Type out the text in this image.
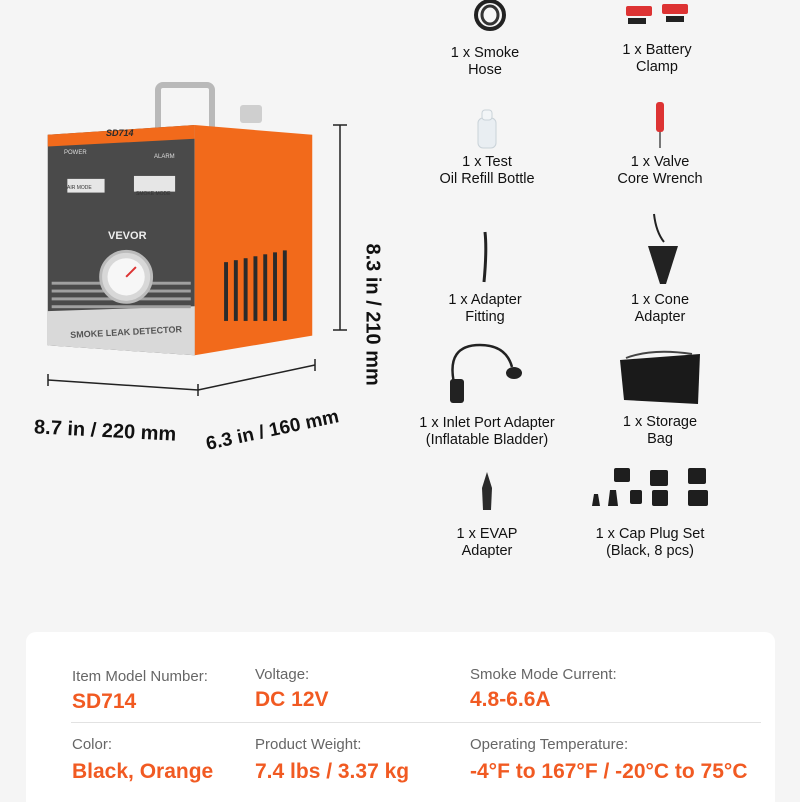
SD714
POWER
ALARM
AIR MODE
SMOKE MODE
VEVOR
SMOKE LEAK DETECTOR	8.3 in / 210 mm
8.7 in / 220 mm 6.3 in / 160 mm
1 x Smoke
Hose
1 x Battery
Clamp
1 x Test
Oil Refill Bottle
1 x Valve
Core Wrench
1 x Adapter
Fitting
1 x Cone
Adapter
1 x Inlet Port Adapter
(Inflatable Bladder)
1 x Storage
Bag
1 x EVAP
Adapter
1 x Cap Plug Set
(Black, 8 pcs)
Item Model Number:
SD714
Voltage:
DC 12V
Smoke Mode Current:
4.8-6.6A
Color:
Black, Orange
Product Weight:
7.4 lbs / 3.37 kg
Operating Temperature:
-4°F to 167°F / -20°C to 75°C
